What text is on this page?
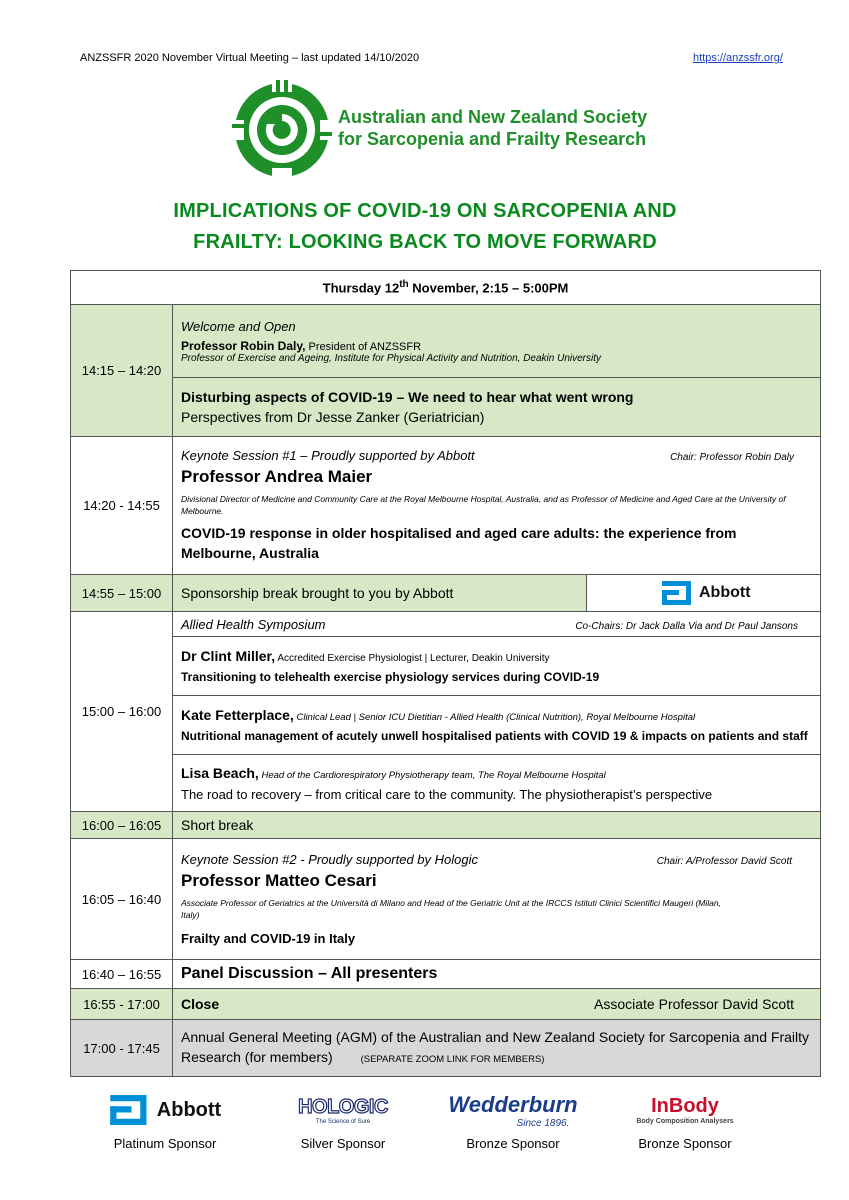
ANZSSFR 2020 November Virtual Meeting – last updated 14/10/2020	https://anzssfr.org/
Australian and New Zealand Society
for Sarcopenia and Frailty Research
IMPLICATIONS OF COVID-19 ON SARCOPENIA AND
FRAILTY: LOOKING BACK TO MOVE FORWARD
Thursday 12th November, 2:15 – 5:00PM		
14:15 – 14:20	Welcome and Open
Professor Robin Daly, President of ANZSSFR
Professor of Exercise and Ageing, Institute for Physical Activity and Nutrition, Deakin University	

	Disturbing aspects of COVID-19 – We need to hear what went wrong
Perspectives from Dr Jesse Zanker (Geriatrician)	

14:20 - 14:55	Keynote Session #1 – Proudly supported by Abbott Chair: Professor Robin Daly
Professor Andrea Maier
Divisional Director of Medicine and Community Care at the Royal Melbourne Hospital, Australia, and as Professor of Medicine and Aged Care at the University of Melbourne.
COVID-19 response in older hospitalised and aged care adults: the experience from Melbourne, Australia	

14:55 – 15:00	Sponsorship break brought to you by Abbott	Abbott

15:00 – 16:00	Allied Health Symposium Co-Chairs: Dr Jack Dalla Via and Dr Paul Jansons	

	Dr Clint Miller, Accredited Exercise Physiologist | Lecturer, Deakin University
Transitioning to telehealth exercise physiology services during COVID-19	

	Kate Fetterplace, Clinical Lead | Senior ICU Dietitian - Allied Health (Clinical Nutrition), Royal Melbourne Hospital
Nutritional management of acutely unwell hospitalised patients with COVID 19 & impacts on patients and staff	

	Lisa Beach, Head of the Cardiorespiratory Physiotherapy team, The Royal Melbourne Hospital
The road to recovery – from critical care to the community. The physiotherapist’s perspective	

16:00 – 16:05	Short break	
16:05 – 16:40	Keynote Session #2 - Proudly supported by Hologic Chair: A/Professor David Scott
Professor Matteo Cesari
Associate Professor of Geriatrics at the Università di Milano and Head of the Geriatric Unit at the IRCCS Istituti Clinici Scientifici Maugeri (Milan, Italy)
Frailty and COVID-19 in Italy	

16:40 – 16:55	Panel Discussion – All presenters	
16:55 - 17:00	Close Associate Professor David Scott	

17:00 - 17:45	Annual General Meeting (AGM) of the Australian and New Zealand Society for Sarcopenia and Frailty Research (for members) (SEPARATE ZOOM LINK FOR MEMBERS)	
Abbott
Platinum Sponsor
HOLOGIC
The Science of Sure
Silver Sponsor
Wedderburn
Since 1896.
Bronze Sponsor
InBody
Body Composition Analysers
Bronze Sponsor
